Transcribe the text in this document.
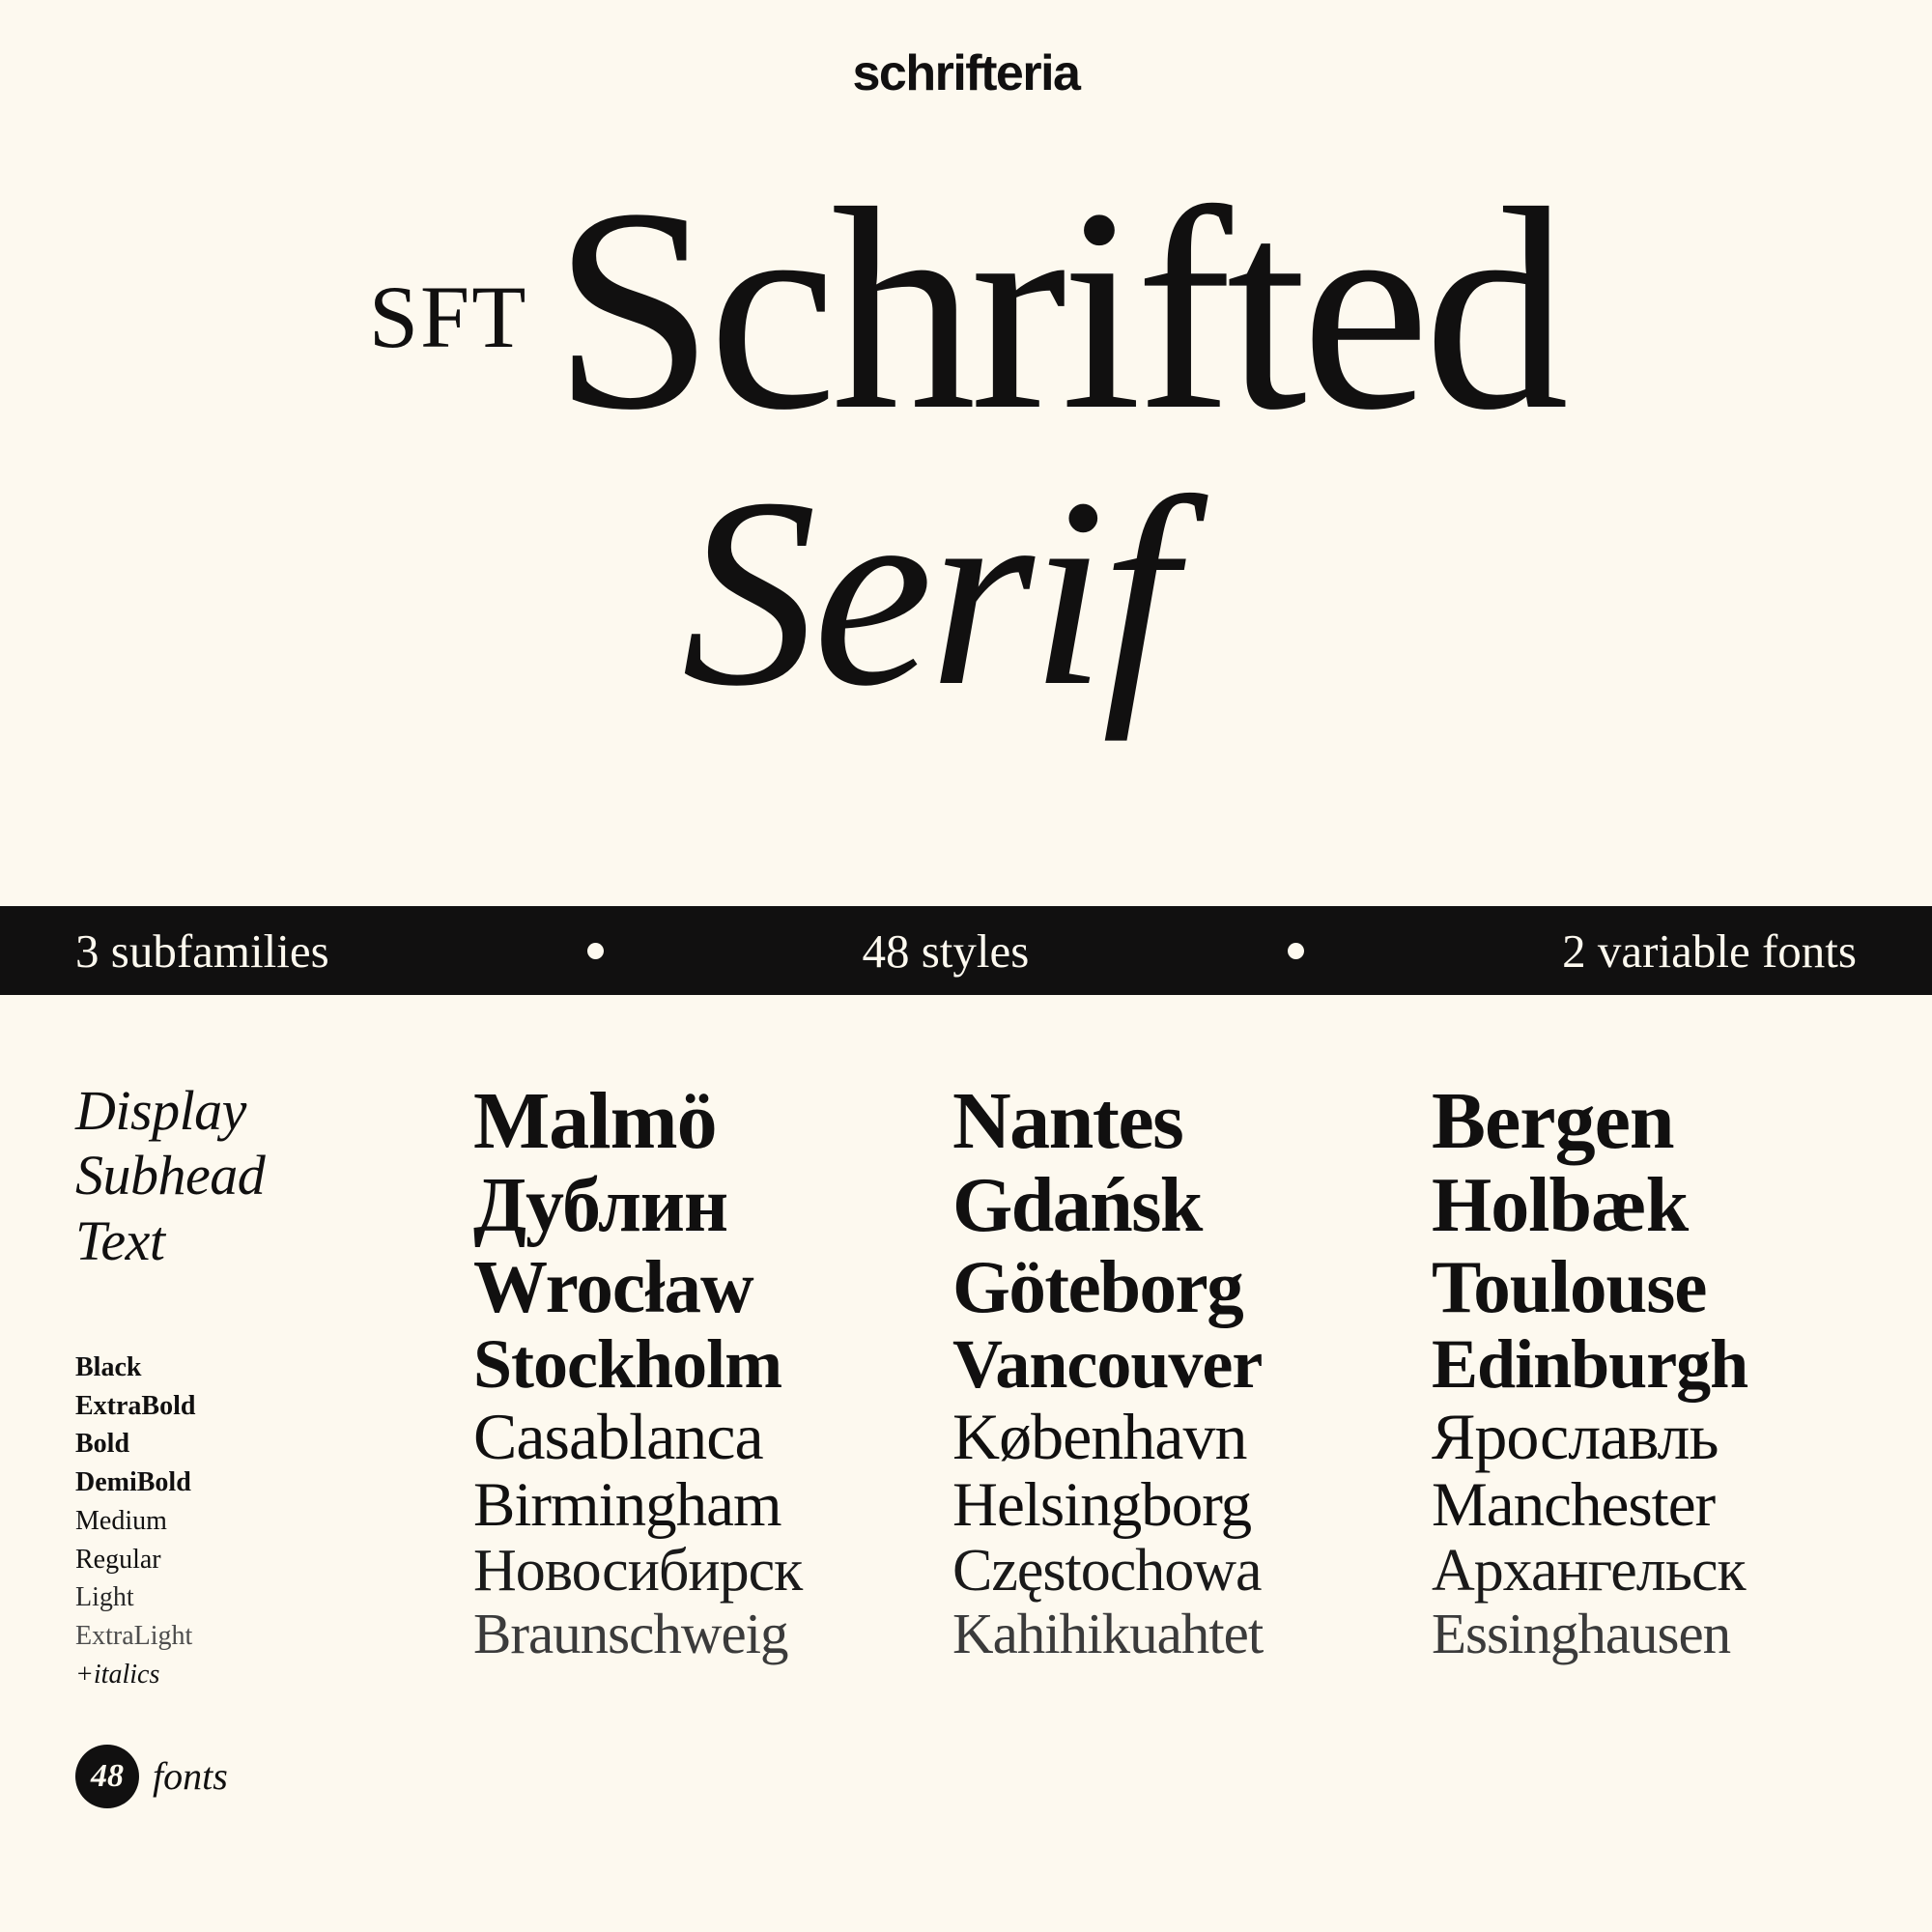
schrifteria
SFT Schrifted
Serif
3 subfamilies	48 styles	2 variable fonts
Display
Subhead
Text
Black
ExtraBold
Bold
DemiBold
Medium
Regular
Light
ExtraLight
+italics
48 fonts
Malmö
Дублин
Wrocław
Stockholm
Casablanca
Birmingham
Новосибирск
Braunschweig
Nantes
Gdańsk
Göteborg
Vancouver
København
Helsingborg
Częstochowa
Kahihikuahtet
Bergen
Holbæk
Toulouse
Edinburgh
Ярославль
Manchester
Архангельск
Essinghausen
